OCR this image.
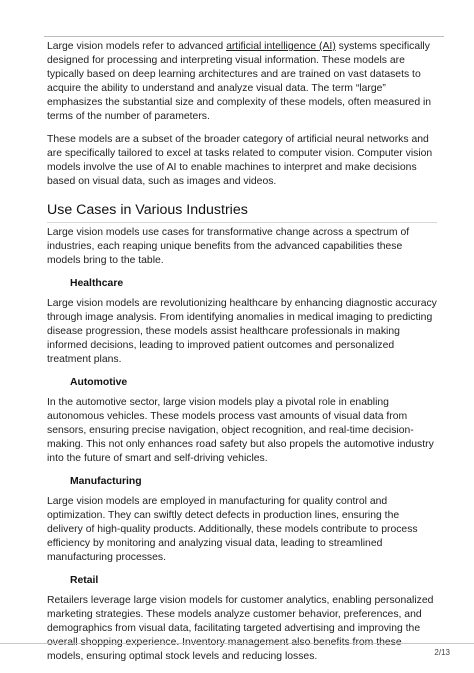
Large vision models refer to advanced artificial intelligence (AI) systems specifically designed for processing and interpreting visual information. These models are typically based on deep learning architectures and are trained on vast datasets to acquire the ability to understand and analyze visual data. The term “large” emphasizes the substantial size and complexity of these models, often measured in terms of the number of parameters.

These models are a subset of the broader category of artificial neural networks and are specifically tailored to excel at tasks related to computer vision. Computer vision models involve the use of AI to enable machines to interpret and make decisions based on visual data, such as images and videos.

Use Cases in Various Industries

Large vision models use cases for transformative change across a spectrum of industries, each reaping unique benefits from the advanced capabilities these models bring to the table.

Healthcare

Large vision models are revolutionizing healthcare by enhancing diagnostic accuracy through image analysis. From identifying anomalies in medical imaging to predicting disease progression, these models assist healthcare professionals in making informed decisions, leading to improved patient outcomes and personalized treatment plans.

Automotive

In the automotive sector, large vision models play a pivotal role in enabling autonomous vehicles. These models process vast amounts of visual data from sensors, ensuring precise navigation, object recognition, and real-time decision-making. This not only enhances road safety but also propels the automotive industry into the future of smart and self-driving vehicles.

Manufacturing

Large vision models are employed in manufacturing for quality control and optimization. They can swiftly detect defects in production lines, ensuring the delivery of high-quality products. Additionally, these models contribute to process efficiency by monitoring and analyzing visual data, leading to streamlined manufacturing processes.

Retail

Retailers leverage large vision models for customer analytics, enabling personalized marketing strategies. These models analyze customer behavior, preferences, and demographics from visual data, facilitating targeted advertising and improving the overall shopping experience. Inventory management also benefits from these models, ensuring optimal stock levels and reducing losses.	2/13
